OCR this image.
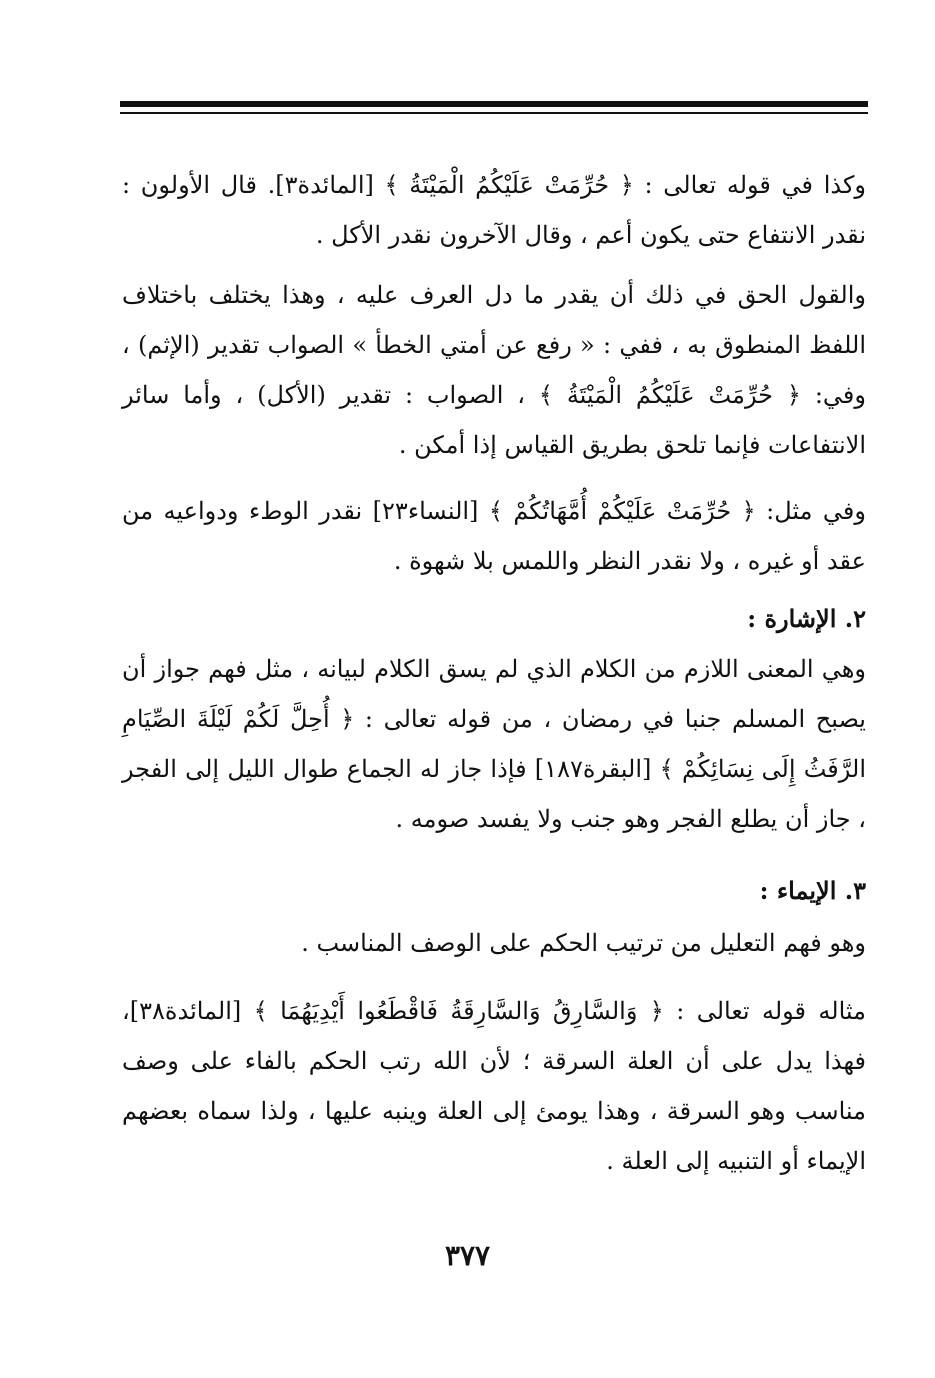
وكذا في قوله تعالى : ﴿ حُرِّمَتْ عَلَيْكُمُ الْمَيْتَةُ ﴾ [المائدة٣]. قال الأولون : نقدر الانتفاع حتى يكون أعم ، وقال الآخرون نقدر الأكل .
والقول الحق في ذلك أن يقدر ما دل العرف عليه ، وهذا يختلف باختلاف اللفظ المنطوق به ، ففي : « رفع عن أمتي الخطأ » الصواب تقدير (الإثم) ، وفي: ﴿ حُرِّمَتْ عَلَيْكُمُ الْمَيْتَةُ ﴾ ، الصواب : تقدير (الأكل) ، وأما سائر الانتفاعات فإنما تلحق بطريق القياس إذا أمكن .
وفي مثل: ﴿ حُرِّمَتْ عَلَيْكُمْ أُمَّهَاتُكُمْ ﴾ [النساء٢٣] نقدر الوطء ودواعيه من عقد أو غيره ، ولا نقدر النظر واللمس بلا شهوة .
٢. الإشارة :
وهي المعنى اللازم من الكلام الذي لم يسق الكلام لبيانه ، مثل فهم جواز أن يصبح المسلم جنبا في رمضان ، من قوله تعالى : ﴿ أُحِلَّ لَكُمْ لَيْلَةَ الصِّيَامِ الرَّفَثُ إِلَى نِسَائِكُمْ ﴾ [البقرة١٨٧] فإذا جاز له الجماع طوال الليل إلى الفجر ، جاز أن يطلع الفجر وهو جنب ولا يفسد صومه .
٣. الإيماء :
وهو فهم التعليل من ترتيب الحكم على الوصف المناسب .
مثاله قوله تعالى : ﴿ وَالسَّارِقُ وَالسَّارِقَةُ فَاقْطَعُوا أَيْدِيَهُمَا ﴾ [المائدة٣٨]، فهذا يدل على أن العلة السرقة ؛ لأن الله رتب الحكم بالفاء على وصف مناسب وهو السرقة ، وهذا يومئ إلى العلة وينبه عليها ، ولذا سماه بعضهم الإيماء أو التنبيه إلى العلة .
٣٧٧
